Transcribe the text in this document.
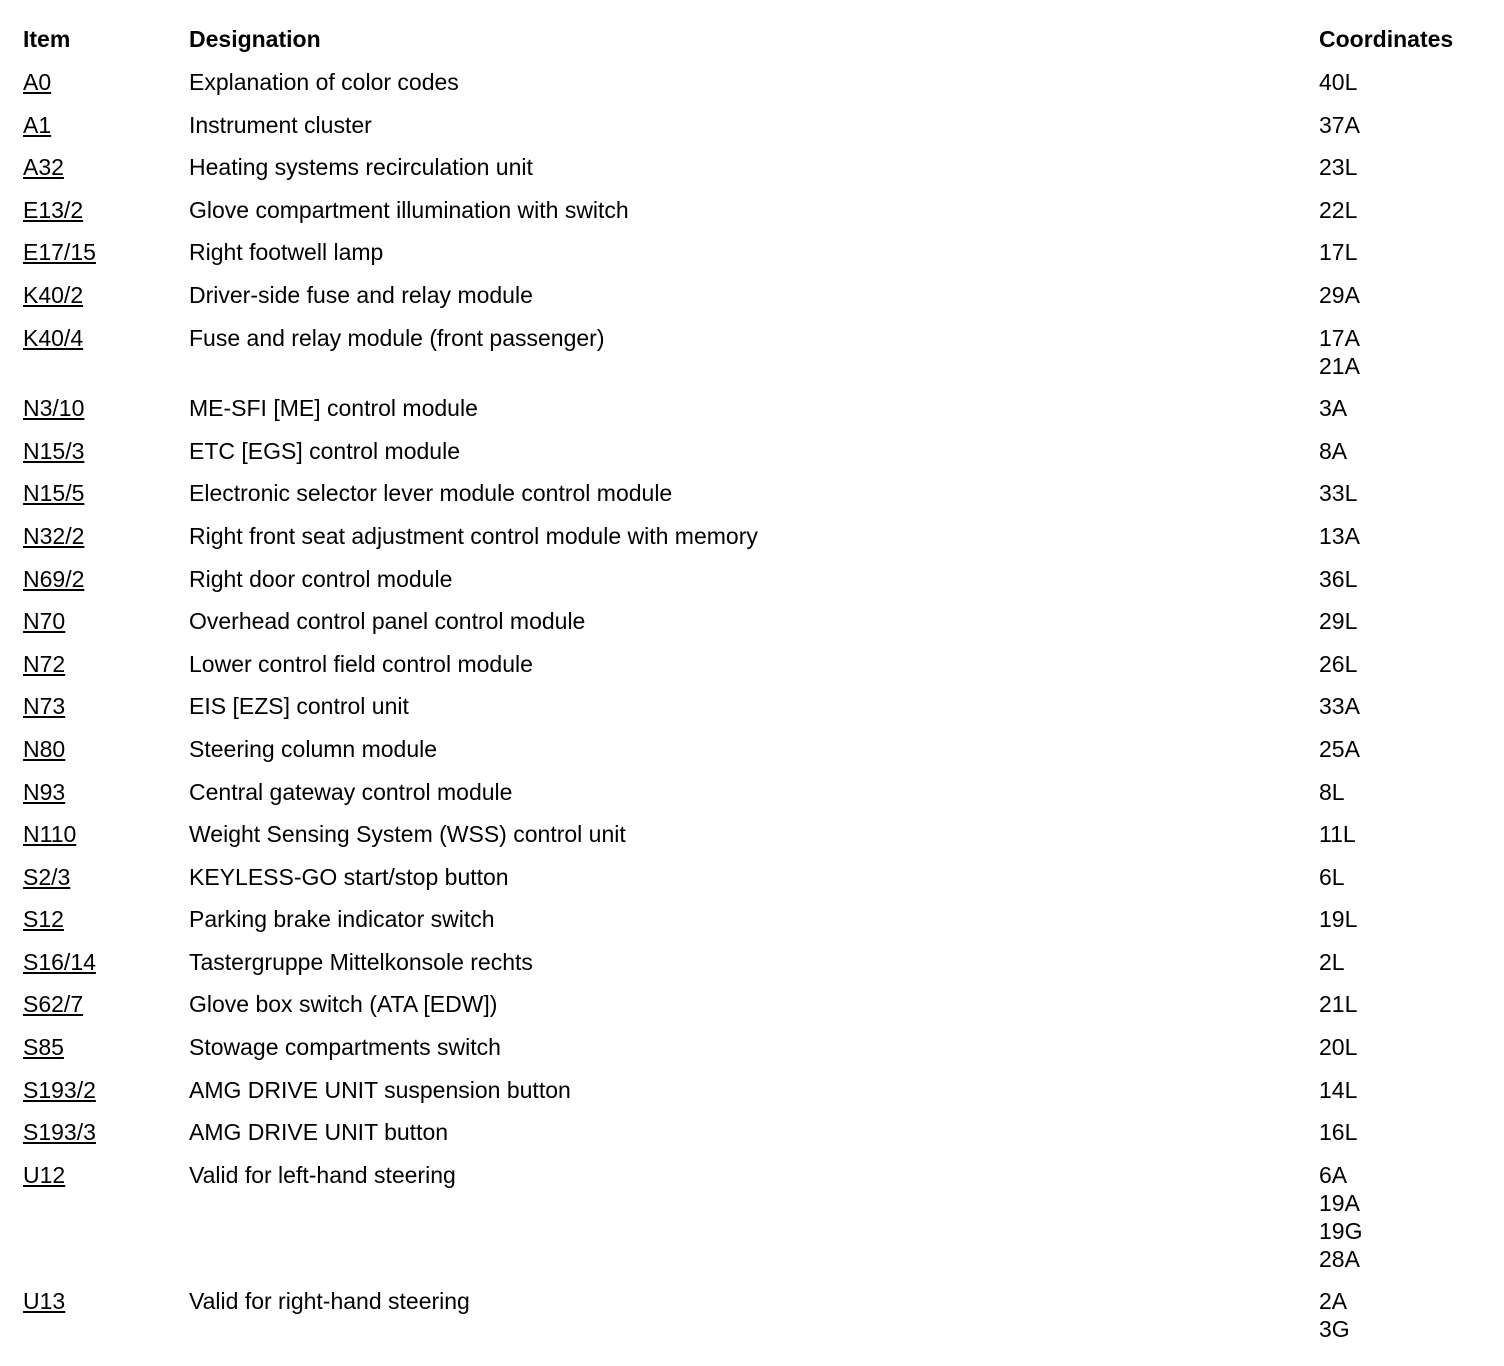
Item	Designation	Coordinates
A0	Explanation of color codes	40L
A1	Instrument cluster	37A
A32	Heating systems recirculation unit	23L
E13/2	Glove compartment illumination with switch	22L
E17/15	Right footwell lamp	17L
K40/2	Driver-side fuse and relay module	29A
K40/4	Fuse and relay module (front passenger)	17A
21A
N3/10	ME-SFI [ME] control module	3A
N15/3	ETC [EGS] control module	8A
N15/5	Electronic selector lever module control module	33L
N32/2	Right front seat adjustment control module with memory	13A
N69/2	Right door control module	36L
N70	Overhead control panel control module	29L
N72	Lower control field control module	26L
N73	EIS [EZS] control unit	33A
N80	Steering column module	25A
N93	Central gateway control module	8L
N110	Weight Sensing System (WSS) control unit	11L
S2/3	KEYLESS-GO start/stop button	6L
S12	Parking brake indicator switch	19L
S16/14	Tastergruppe Mittelkonsole rechts	2L
S62/7	Glove box switch (ATA [EDW])	21L
S85	Stowage compartments switch	20L
S193/2	AMG DRIVE UNIT suspension button	14L
S193/3	AMG DRIVE UNIT button	16L
U12	Valid for left-hand steering	6A
19A
19G
28A
U13	Valid for right-hand steering	2A
3G
